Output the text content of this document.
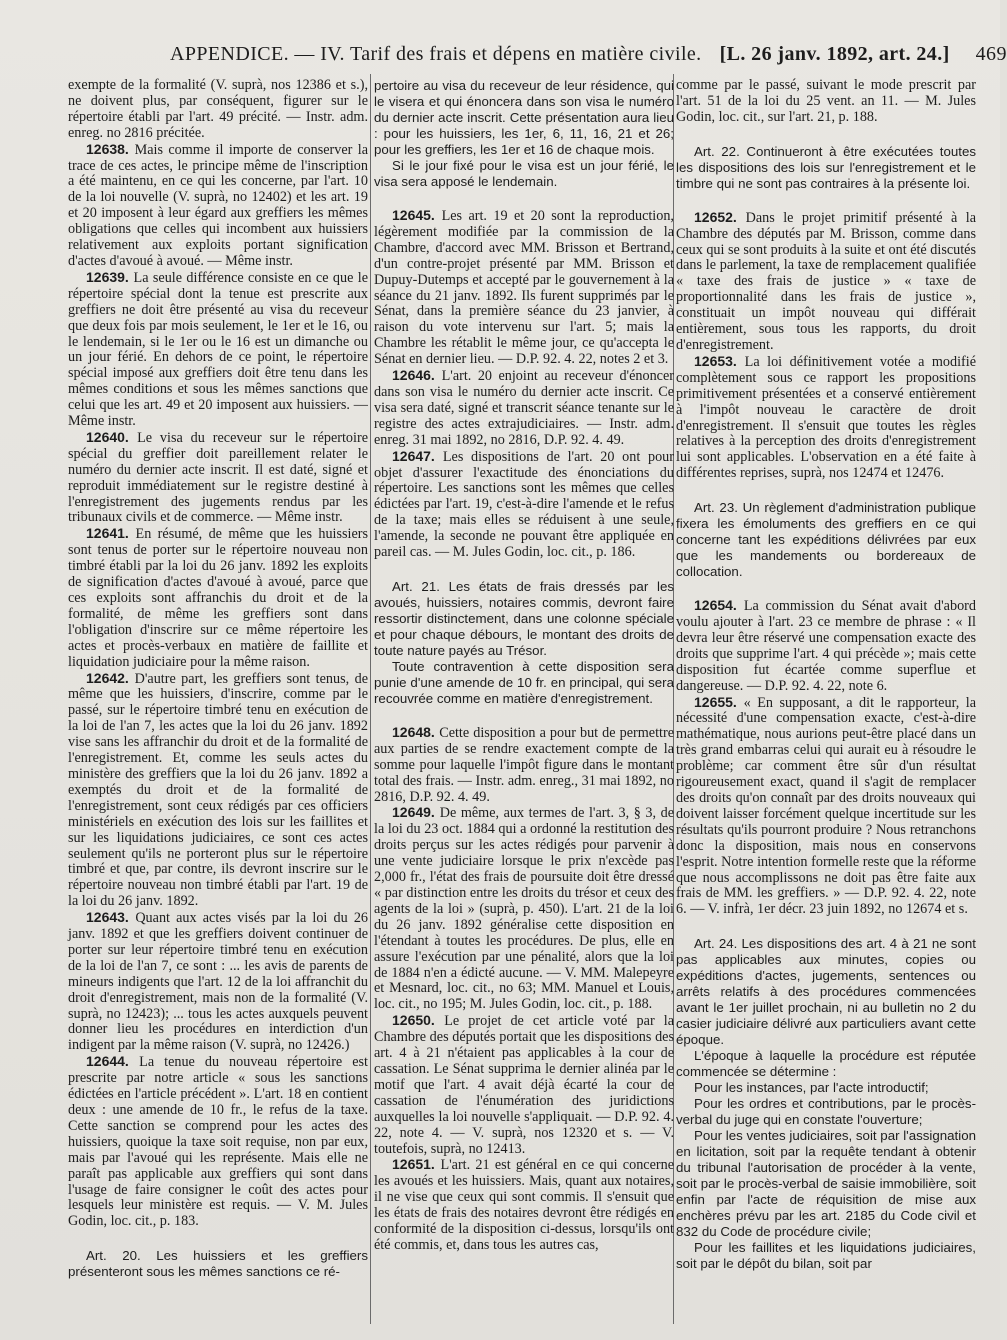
APPENDICE. — IV. Tarif des frais et dépens en matière civile. [L. 26 janv. 1892, art. 24.] 469

exempte de la formalité (V. suprà, nos 12386 et s.), ne doivent plus, par conséquent, figurer sur le répertoire établi par l'art. 49 précité. — Instr. adm. enreg. no 2816 précitée.

12638. Mais comme il importe de conserver la trace de ces actes, le principe même de l'inscription a été maintenu, en ce qui les concerne, par l'art. 10 de la loi nouvelle (V. suprà, no 12402) et les art. 19 et 20 imposent à leur égard aux greffiers les mêmes obligations que celles qui incombent aux huissiers relativement aux exploits portant signification d'actes d'avoué à avoué. — Même instr.

12639. La seule différence consiste en ce que le répertoire spécial dont la tenue est prescrite aux greffiers ne doit être présenté au visa du receveur que deux fois par mois seulement, le 1er et le 16, ou le lendemain, si le 1er ou le 16 est un dimanche ou un jour férié. En dehors de ce point, le répertoire spécial imposé aux greffiers doit être tenu dans les mêmes conditions et sous les mêmes sanctions que celui que les art. 49 et 20 imposent aux huissiers. — Même instr.

12640. Le visa du receveur sur le répertoire spécial du greffier doit pareillement relater le numéro du dernier acte inscrit. Il est daté, signé et reproduit immédiatement sur le registre destiné à l'enregistrement des jugements rendus par les tribunaux civils et de commerce. — Même instr.

12641. En résumé, de même que les huissiers sont tenus de porter sur le répertoire nouveau non timbré établi par la loi du 26 janv. 1892 les exploits de signification d'actes d'avoué à avoué, parce que ces exploits sont affranchis du droit et de la formalité, de même les greffiers sont dans l'obligation d'inscrire sur ce même répertoire les actes et procès-verbaux en matière de faillite et liquidation judiciaire pour la même raison.

12642. D'autre part, les greffiers sont tenus, de même que les huissiers, d'inscrire, comme par le passé, sur le répertoire timbré tenu en exécution de la loi de l'an 7, les actes que la loi du 26 janv. 1892 vise sans les affranchir du droit et de la formalité de l'enregistrement. Et, comme les seuls actes du ministère des greffiers que la loi du 26 janv. 1892 a exemptés du droit et de la formalité de l'enregistrement, sont ceux rédigés par ces officiers ministériels en exécution des lois sur les faillites et sur les liquidations judiciaires, ce sont ces actes seulement qu'ils ne porteront plus sur le répertoire timbré et que, par contre, ils devront inscrire sur le répertoire nouveau non timbré établi par l'art. 19 de la loi du 26 janv. 1892.

12643. Quant aux actes visés par la loi du 26 janv. 1892 et que les greffiers doivent continuer de porter sur leur répertoire timbré tenu en exécution de la loi de l'an 7, ce sont : ... les avis de parents de mineurs indigents que l'art. 12 de la loi affranchit du droit d'enregistrement, mais non de la formalité (V. suprà, no 12423); ... tous les actes auxquels peuvent donner lieu les procédures en interdiction d'un indigent par la même raison (V. suprà, no 12426.)

12644. La tenue du nouveau répertoire est prescrite par notre article « sous les sanctions édictées en l'article précédent ». L'art. 18 en contient deux : une amende de 10 fr., le refus de la taxe. Cette sanction se comprend pour les actes des huissiers, quoique la taxe soit requise, non par eux, mais par l'avoué qui les représente. Mais elle ne paraît pas applicable aux greffiers qui sont dans l'usage de faire consigner le coût des actes pour lesquels leur ministère est requis. — V. M. Jules Godin, loc. cit., p. 183.

Art. 20. Les huissiers et les greffiers présenteront sous les mêmes sanctions ce ré-

pertoire au visa du receveur de leur résidence, qui le visera et qui énoncera dans son visa le numéro du dernier acte inscrit. Cette présentation aura lieu : pour les huissiers, les 1er, 6, 11, 16, 21 et 26; pour les greffiers, les 1er et 16 de chaque mois.

Si le jour fixé pour le visa est un jour férié, le visa sera apposé le lendemain.

12645. Les art. 19 et 20 sont la reproduction, légèrement modifiée par la commission de la Chambre, d'accord avec MM. Brisson et Bertrand, d'un contre-projet présenté par MM. Brisson et Dupuy-Dutemps et accepté par le gouvernement à la séance du 21 janv. 1892. Ils furent supprimés par le Sénat, dans la première séance du 23 janvier, à raison du vote intervenu sur l'art. 5; mais la Chambre les rétablit le même jour, ce qu'accepta le Sénat en dernier lieu. — D.P. 92. 4. 22, notes 2 et 3.

12646. L'art. 20 enjoint au receveur d'énoncer dans son visa le numéro du dernier acte inscrit. Ce visa sera daté, signé et transcrit séance tenante sur le registre des actes extrajudiciaires. — Instr. adm. enreg. 31 mai 1892, no 2816, D.P. 92. 4. 49.

12647. Les dispositions de l'art. 20 ont pour objet d'assurer l'exactitude des énonciations du répertoire. Les sanctions sont les mêmes que celles édictées par l'art. 19, c'est-à-dire l'amende et le refus de la taxe; mais elles se réduisent à une seule, l'amende, la seconde ne pouvant être appliquée en pareil cas. — M. Jules Godin, loc. cit., p. 186.

Art. 21. Les états de frais dressés par les avoués, huissiers, notaires commis, devront faire ressortir distinctement, dans une colonne spéciale et pour chaque débours, le montant des droits de toute nature payés au Trésor.

Toute contravention à cette disposition sera punie d'une amende de 10 fr. en principal, qui sera recouvrée comme en matière d'enregistrement.

12648. Cette disposition a pour but de permettre aux parties de se rendre exactement compte de la somme pour laquelle l'impôt figure dans le montant total des frais. — Instr. adm. enreg., 31 mai 1892, no 2816, D.P. 92. 4. 49.

12649. De même, aux termes de l'art. 3, § 3, de la loi du 23 oct. 1884 qui a ordonné la restitution des droits perçus sur les actes rédigés pour parvenir à une vente judiciaire lorsque le prix n'excède pas 2,000 fr., l'état des frais de poursuite doit être dressé « par distinction entre les droits du trésor et ceux des agents de la loi » (suprà, p. 450). L'art. 21 de la loi du 26 janv. 1892 généralise cette disposition en l'étendant à toutes les procédures. De plus, elle en assure l'exécution par une pénalité, alors que la loi de 1884 n'en a édicté aucune. — V. MM. Malepeyre et Mesnard, loc. cit., no 63; MM. Manuel et Louis, loc. cit., no 195; M. Jules Godin, loc. cit., p. 188.

12650. Le projet de cet article voté par la Chambre des députés portait que les dispositions des art. 4 à 21 n'étaient pas applicables à la cour de cassation. Le Sénat supprima le dernier alinéa par le motif que l'art. 4 avait déjà écarté la cour de cassation de l'énumération des juridictions auxquelles la loi nouvelle s'appliquait. — D.P. 92. 4. 22, note 4. — V. suprà, nos 12320 et s. — V. toutefois, suprà, no 12413.

12651. L'art. 21 est général en ce qui concerne les avoués et les huissiers. Mais, quant aux notaires, il ne vise que ceux qui sont commis. Il s'ensuit que les états de frais des notaires devront être rédigés en conformité de la disposition ci-dessus, lorsqu'ils ont été commis, et, dans tous les autres cas,

comme par le passé, suivant le mode prescrit par l'art. 51 de la loi du 25 vent. an 11. — M. Jules Godin, loc. cit., sur l'art. 21, p. 188.

Art. 22. Continueront à être exécutées toutes les dispositions des lois sur l'enregistrement et le timbre qui ne sont pas contraires à la présente loi.

12652. Dans le projet primitif présenté à la Chambre des députés par M. Brisson, comme dans ceux qui se sont produits à la suite et ont été discutés dans le parlement, la taxe de remplacement qualifiée « taxe des frais de justice » « taxe de proportionnalité dans les frais de justice », constituait un impôt nouveau qui différait entièrement, sous tous les rapports, du droit d'enregistrement.

12653. La loi définitivement votée a modifié complètement sous ce rapport les propositions primitivement présentées et a conservé entièrement à l'impôt nouveau le caractère de droit d'enregistrement. Il s'ensuit que toutes les règles relatives à la perception des droits d'enregistrement lui sont applicables. L'observation en a été faite à différentes reprises, suprà, nos 12474 et 12476.

Art. 23. Un règlement d'administration publique fixera les émoluments des greffiers en ce qui concerne tant les expéditions délivrées par eux que les mandements ou bordereaux de collocation.

12654. La commission du Sénat avait d'abord voulu ajouter à l'art. 23 ce membre de phrase : « Il devra leur être réservé une compensation exacte des droits que supprime l'art. 4 qui précède »; mais cette disposition fut écartée comme superflue et dangereuse. — D.P. 92. 4. 22, note 6.

12655. « En supposant, a dit le rapporteur, la nécessité d'une compensation exacte, c'est-à-dire mathématique, nous aurions peut-être placé dans un très grand embarras celui qui aurait eu à résoudre le problème; car comment être sûr d'un résultat rigoureusement exact, quand il s'agit de remplacer des droits qu'on connaît par des droits nouveaux qui doivent laisser forcément quelque incertitude sur les résultats qu'ils pourront produire ? Nous retranchons donc la disposition, mais nous en conservons l'esprit. Notre intention formelle reste que la réforme que nous accomplissons ne doit pas être faite aux frais de MM. les greffiers. » — D.P. 92. 4. 22, note 6. — V. infrà, 1er décr. 23 juin 1892, no 12674 et s.

Art. 24. Les dispositions des art. 4 à 21 ne sont pas applicables aux minutes, copies ou expéditions d'actes, jugements, sentences ou arrêts relatifs à des procédures commencées avant le 1er juillet prochain, ni au bulletin no 2 du casier judiciaire délivré aux particuliers avant cette époque.

L'époque à laquelle la procédure est réputée commencée se détermine :

Pour les instances, par l'acte introductif;

Pour les ordres et contributions, par le procès-verbal du juge qui en constate l'ouverture;

Pour les ventes judiciaires, soit par l'assignation en licitation, soit par la requête tendant à obtenir du tribunal l'autorisation de procéder à la vente, soit par le procès-verbal de saisie immobilière, soit enfin par l'acte de réquisition de mise aux enchères prévu par les art. 2185 du Code civil et 832 du Code de procédure civile;

Pour les faillites et les liquidations judiciaires, soit par le dépôt du bilan, soit par
